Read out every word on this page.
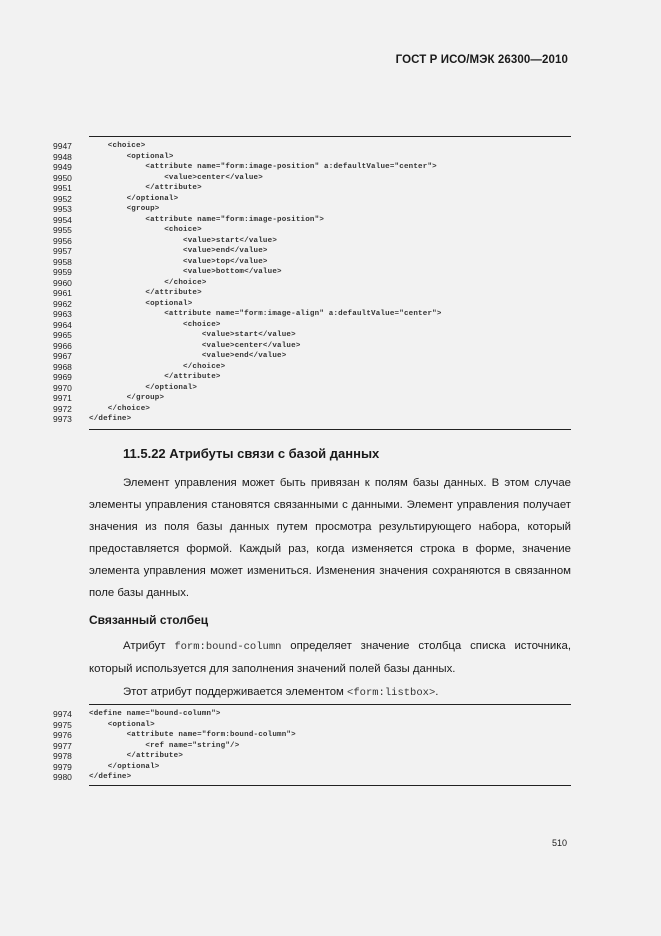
ГОСТ Р ИСО/МЭК 26300—2010
9947	<choice>
9948	<optional>
9949	<attribute name="form:image-position" a:defaultValue="center">
9950	<value>center</value>
9951	</attribute>
9952	</optional>
9953	<group>
9954	<attribute name="form:image-position">
9955	<choice>
9956	<value>start</value>
9957	<value>end</value>
9958	<value>top</value>
9959	<value>bottom</value>
9960	</choice>
9961	</attribute>
9962	<optional>
9963	<attribute name="form:image-align" a:defaultValue="center">
9964	<choice>
9965	<value>start</value>
9966	<value>center</value>
9967	<value>end</value>
9968	</choice>
9969	</attribute>
9970	</optional>
9971	</group>
9972	</choice>
9973	</define>
11.5.22 Атрибуты связи с базой данных

Элемент управления может быть привязан к полям базы данных. В этом случае элементы управления становятся связанными с данными. Элемент управления получает значения из поля базы данных путем просмотра результирующего набора, который предоставляется формой. Каждый раз, когда изменяется строка в форме, значение элемента управления может измениться. Изменения значения сохраняются в связанном поле базы данных.

Связанный столбец

Атрибут form:bound-column определяет значение столбца списка источника, который используется для заполнения значений полей базы данных.

Этот атрибут поддерживается элементом <form:listbox>.

9974	<define name="bound-column">
9975	<optional>
9976	<attribute name="form:bound-column">
9977	<ref name="string"/>
9978	</attribute>
9979	</optional>
9980	</define>
510
